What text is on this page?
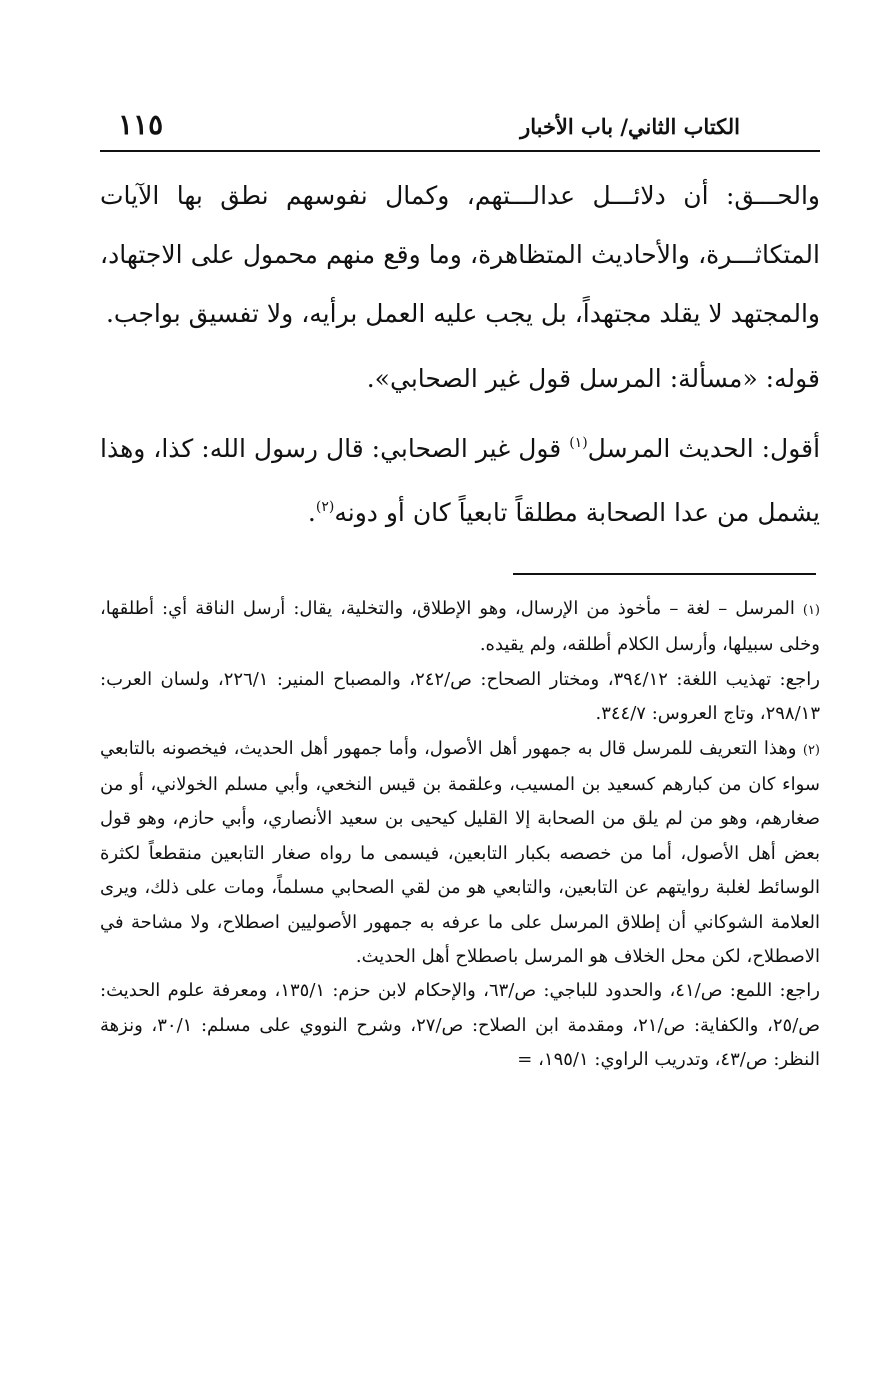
١١٥	الكتاب الثاني/ باب الأخبار

والحـــق: أن دلائـــل عدالـــتهم، وكمال نفوسهم نطق بها الآيات المتكاثـــرة، والأحاديث المتظاهرة، وما وقع منهم محمول على الاجتهاد، والمجتهد لا يقلد مجتهداً، بل يجب عليه العمل برأيه، ولا تفسيق بواجب.

قوله: «مسألة: المرسل قول غير الصحابي».

أقول: الحديث المرسل$^{(١)}$ قول غير الصحابي: قال رسول الله: كذا، وهذا يشمل من عدا الصحابة مطلقاً تابعياً كان أو دونه$^{(٢)}$.

(١) المرسل – لغة – مأخوذ من الإرسال، وهو الإطلاق، والتخلية، يقال: أرسل الناقة أي: أطلقها، وخلى سبيلها، وأرسل الكلام أطلقه، ولم يقيده.

راجع: تهذيب اللغة: ٣٩٤/١٢، ومختار الصحاح: ص/٢٤٢، والمصباح المنير: ٢٢٦/١، ولسان العرب: ٢٩٨/١٣، وتاج العروس: ٣٤٤/٧.

(٢) وهذا التعريف للمرسل قال به جمهور أهل الأصول، وأما جمهور أهل الحديث، فيخصونه بالتابعي سواء كان من كبارهم كسعيد بن المسيب، وعلقمة بن قيس النخعي، وأبي مسلم الخولاني، أو من صغارهم، وهو من لم يلق من الصحابة إلا القليل كيحيى بن سعيد الأنصاري، وأبي حازم، وهو قول بعض أهل الأصول، أما من خصصه بكبار التابعين، فيسمى ما رواه صغار التابعين منقطعاً لكثرة الوسائط لغلبة روايتهم عن التابعين، والتابعي هو من لقي الصحابي مسلماً، ومات على ذلك، ويرى العلامة الشوكاني أن إطلاق المرسل على ما عرفه به جمهور الأصوليين اصطلاح، ولا مشاحة في الاصطلاح، لكن محل الخلاف هو المرسل باصطلاح أهل الحديث.

راجع: اللمع: ص/٤١، والحدود للباجي: ص/٦٣، والإحكام لابن حزم: ١٣٥/١، ومعرفة علوم الحديث: ص/٢٥، والكفاية: ص/٢١، ومقدمة ابن الصلاح: ص/٢٧، وشرح النووي على مسلم: ٣٠/١، ونزهة النظر: ص/٤٣، وتدريب الراوي: ١٩٥/١، =
